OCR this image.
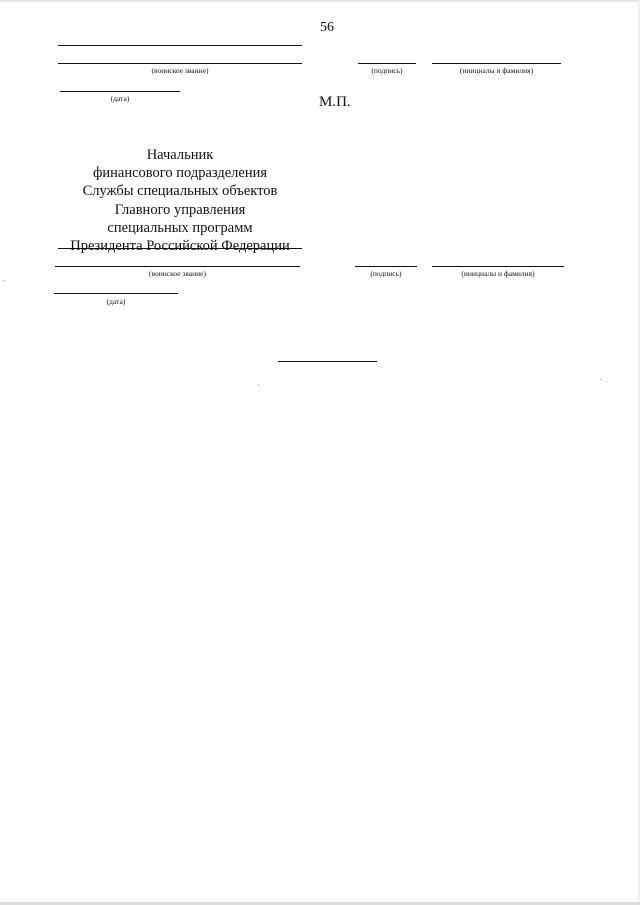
56
(воинское звание)	(подпись)	(инициалы и фамилия)
(дата)	М.П.
Начальник
финансового подразделения
Службы специальных объектов
Главного управления
специальных программ
Президента Российской Федерации
(воинское звание)	(подпись)	(инициалы и фамилия)
(дата)
